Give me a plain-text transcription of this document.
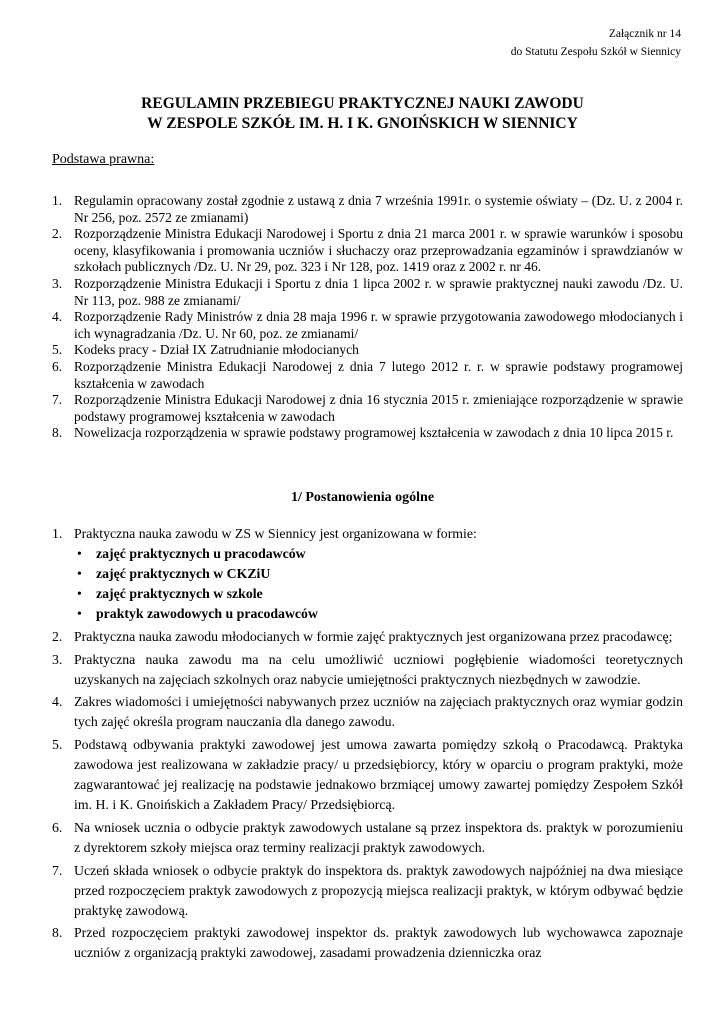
Załącznik nr 14
do Statutu Zespołu Szkół w Siennicy
REGULAMIN PRZEBIEGU PRAKTYCZNEJ NAUKI ZAWODU
W ZESPOLE SZKÓŁ IM. H. I K. GNOIŃSKICH W SIENNICY
Podstawa prawna:
1. Regulamin opracowany został zgodnie z ustawą z dnia 7 września 1991r. o systemie oświaty – (Dz. U. z 2004 r. Nr 256, poz. 2572 ze zmianami)
2. Rozporządzenie Ministra Edukacji Narodowej i Sportu z dnia 21 marca 2001 r. w sprawie warunków i sposobu oceny, klasyfikowania i promowania uczniów i słuchaczy oraz przeprowadzania egzaminów i sprawdzianów w szkołach publicznych /Dz. U. Nr 29, poz. 323 i Nr 128, poz. 1419 oraz z 2002 r. nr 46.
3. Rozporządzenie Ministra Edukacji i Sportu z dnia 1 lipca 2002 r. w sprawie praktycznej nauki zawodu /Dz. U. Nr 113, poz. 988 ze zmianami/
4. Rozporządzenie Rady Ministrów z dnia 28 maja 1996 r. w sprawie przygotowania zawodowego młodocianych i ich wynagradzania /Dz. U. Nr 60, poz. ze zmianami/
5. Kodeks pracy - Dział IX Zatrudnianie młodocianych
6. Rozporządzenie Ministra Edukacji Narodowej z dnia 7 lutego 2012 r. r. w sprawie podstawy programowej kształcenia w zawodach
7. Rozporządzenie Ministra Edukacji Narodowej z dnia 16 stycznia 2015 r. zmieniające rozporządzenie w sprawie podstawy programowej kształcenia w zawodach
8. Nowelizacja rozporządzenia w sprawie podstawy programowej kształcenia w zawodach z dnia 10 lipca 2015 r.
1/ Postanowienia ogólne
1. Praktyczna nauka zawodu w ZS w Siennicy jest organizowana w formie:
• zajęć praktycznych u pracodawców
• zajęć praktycznych w CKZiU
• zajęć praktycznych w szkole
• praktyk zawodowych u pracodawców
2. Praktyczna nauka zawodu młodocianych w formie zajęć praktycznych jest organizowana przez pracodawcę;
3. Praktyczna nauka zawodu ma na celu umożliwić uczniowi pogłębienie wiadomości teoretycznych uzyskanych na zajęciach szkolnych oraz nabycie umiejętności praktycznych niezbędnych w zawodzie.
4. Zakres wiadomości i umiejętności nabywanych przez uczniów na zajęciach praktycznych oraz wymiar godzin tych zajęć określa program nauczania dla danego zawodu.
5. Podstawą odbywania praktyki zawodowej jest umowa zawarta pomiędzy szkołą o Pracodawcą. Praktyka zawodowa jest realizowana w zakładzie pracy/ u przedsiębiorcy, który w oparciu o program praktyki, może zagwarantować jej realizację na podstawie jednakowo brzmiącej umowy zawartej pomiędzy Zespołem Szkół im. H. i K. Gnoińskich a Zakładem Pracy/ Przedsiębiorcą.
6. Na wniosek ucznia o odbycie praktyk zawodowych ustalane są przez inspektora ds. praktyk w porozumieniu z dyrektorem szkoły miejsca oraz terminy realizacji praktyk zawodowych.
7. Uczeń składa wniosek o odbycie praktyk do inspektora ds. praktyk zawodowych najpóźniej na dwa miesiące przed rozpoczęciem praktyk zawodowych z propozycją miejsca realizacji praktyk, w którym odbywać będzie praktykę zawodową.
8. Przed rozpoczęciem praktyki zawodowej inspektor ds. praktyk zawodowych lub wychowawca zapoznaje uczniów z organizacją praktyki zawodowej, zasadami prowadzenia dzienniczka oraz
